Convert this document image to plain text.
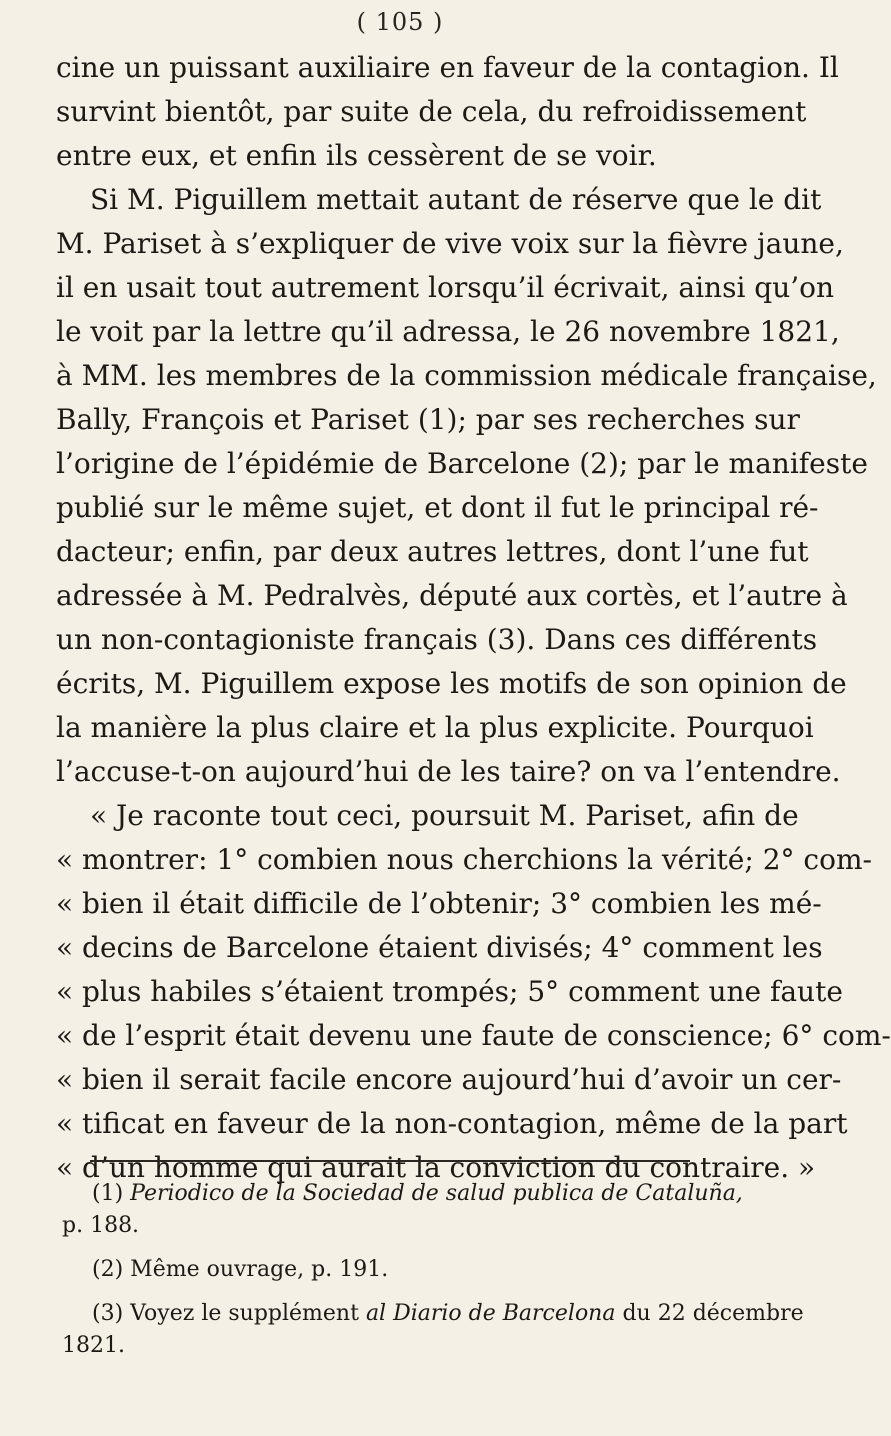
( 105 )
cine un puissant auxiliaire en faveur de la contagion. Il
survint bientôt, par suite de cela, du refroidissement
entre eux, et enfin ils cessèrent de se voir.
Si M. Piguillem mettait autant de réserve que le dit
M. Pariset à s’expliquer de vive voix sur la fièvre jaune,
il en usait tout autrement lorsqu’il écrivait, ainsi qu’on
le voit par la lettre qu’il adressa, le 26 novembre 1821,
à MM. les membres de la commission médicale française,
Bally, François et Pariset (1); par ses recherches sur
l’origine de l’épidémie de Barcelone (2); par le manifeste
publié sur le même sujet, et dont il fut le principal ré-
dacteur; enfin, par deux autres lettres, dont l’une fut
adressée à M. Pedralvès, député aux cortès, et l’autre à
un non-contagioniste français (3). Dans ces différents
écrits, M. Piguillem expose les motifs de son opinion de
la manière la plus claire et la plus explicite. Pourquoi
l’accuse-t-on aujourd’hui de les taire? on va l’entendre.
« Je raconte tout ceci, poursuit M. Pariset, afin de
« montrer: 1° combien nous cherchions la vérité; 2° com-
« bien il était difficile de l’obtenir; 3° combien les mé-
« decins de Barcelone étaient divisés; 4° comment les
« plus habiles s’étaient trompés; 5° comment une faute
« de l’esprit était devenu une faute de conscience; 6° com-
« bien il serait facile encore aujourd’hui d’avoir un cer-
« tificat en faveur de la non-contagion, même de la part
« d’un homme qui aurait la conviction du contraire. »
(1) Periodico de la Sociedad de salud publica de Cataluña,
p. 188.
(2) Même ouvrage, p. 191.
(3) Voyez le supplément al Diario de Barcelona du 22 décembre
1821.
